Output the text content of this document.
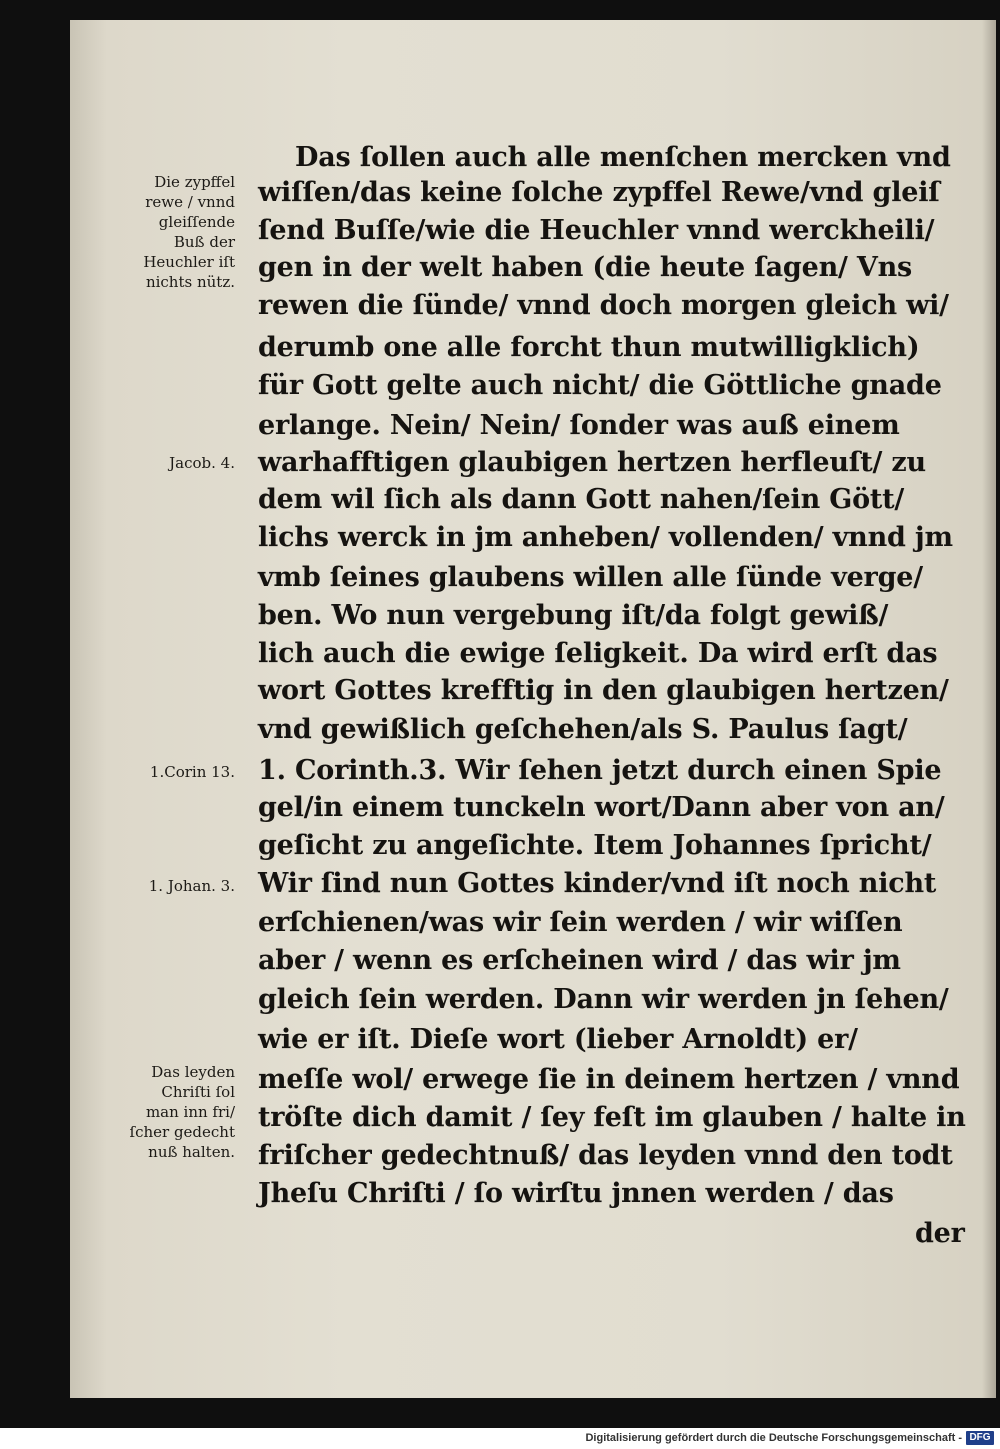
Das ſollen auch alle menſchen mercken vnd
wiſſen/das keine ſolche zypffel Rewe/vnd gleiſ
ſend Buſſe/wie die Heuchler vnnd werckheili/
gen in der welt haben (die heute ſagen/ Vns
rewen die ſünde/ vnnd doch morgen gleich wi/
derumb one alle forcht thun mutwilligklich)
für Gott gelte auch nicht/ die Göttliche gnade
erlange. Nein/ Nein/ ſonder was auß einem
warhafftigen glaubigen hertzen herfleuſt/ zu
dem wil ſich als dann Gott nahen/ſein Gött/
lichs werck in jm anheben/ vollenden/ vnnd jm
vmb ſeines glaubens willen alle ſünde verge/
ben. Wo nun vergebung iſt/da folgt gewiß/
lich auch die ewige ſeligkeit. Da wird erſt das
wort Gottes krefftig in den glaubigen hertzen/
vnd gewißlich geſchehen/als S. Paulus ſagt/
1. Corinth.3. Wir ſehen jetzt durch einen Spie
gel/in einem tunckeln wort/Dann aber von an/
geſicht zu angeſichte. Item Johannes ſpricht/
Wir ſind nun Gottes kinder/vnd iſt noch nicht
erſchienen/was wir ſein werden / wir wiſſen
aber / wenn es erſcheinen wird / das wir jm
gleich ſein werden. Dann wir werden jn ſehen/
wie er iſt. Dieſe wort (lieber Arnoldt) er/
meſſe wol/ erwege ſie in deinem hertzen / vnnd
tröſte dich damit / ſey feſt im glauben / halte in
friſcher gedechtnuß/ das leyden vnnd den todt
Jheſu Chriſti / ſo wirſtu jnnen werden / das
der
Die zypffel
rewe / vnnd
gleiſſende
Buß der
Heuchler iſt
nichts nütz.
Jacob. 4.
1.Corin 13.
1. Johan. 3.
Das leyden
Chriſti ſol
man inn fri/
ſcher gedecht
nuß halten.
Digitalisierung gefördert durch die Deutsche Forschungsgemeinschaft - DFG
